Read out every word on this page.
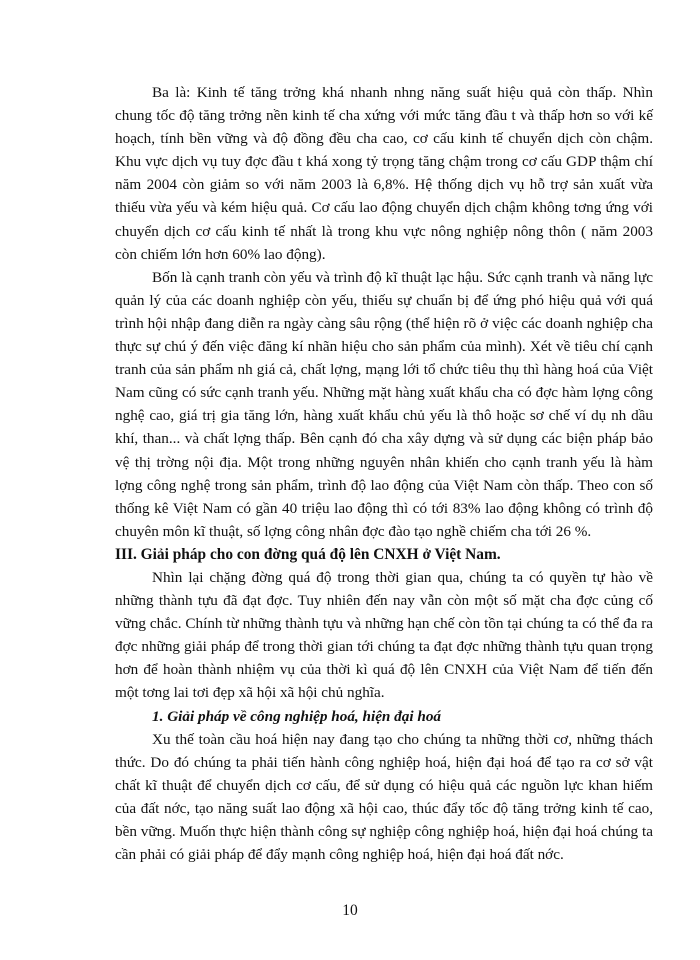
Ba là: Kinh tế tăng trởng khá nhanh nhng năng suất hiệu quả còn thấp. Nhìn chung tốc độ tăng trởng nền kinh tế cha xứng với mức tăng đầu t và thấp hơn so với kế hoạch, tính bền vững và độ đồng đều cha cao, cơ cấu kinh tế chuyển dịch còn chậm. Khu vực dịch vụ tuy đợc đầu t khá xong tỷ trọng tăng chậm trong cơ cấu GDP thậm chí năm 2004 còn giảm so với năm 2003 là 6,8%. Hệ thống dịch vụ hỗ trợ sản xuất vừa thiếu vừa yếu và kém hiệu quả. Cơ cấu lao động chuyển dịch chậm không tơng ứng với chuyển dịch cơ cấu kinh tế nhất là trong khu vực nông nghiệp nông thôn ( năm 2003 còn chiếm lớn hơn 60% lao động).

Bốn là cạnh tranh còn yếu và trình độ kĩ thuật lạc hậu. Sức cạnh tranh và năng lực quản lý của các doanh nghiệp còn yếu, thiếu sự chuẩn bị để ứng phó hiệu quả với quá trình hội nhập đang diễn ra ngày càng sâu rộng (thể hiện rõ ở việc các doanh nghiệp cha thực sự chú ý đến việc đăng kí nhãn hiệu cho sản phẩm của mình). Xét về tiêu chí cạnh tranh của sản phẩm nh giá cả, chất lợng, mạng lới tổ chức tiêu thụ thì hàng hoá của Việt Nam cũng có sức cạnh tranh yếu. Những mặt hàng xuất khẩu cha có đợc hàm lợng công nghệ cao, giá trị gia tăng lớn, hàng xuất khẩu chủ yếu là thô hoặc sơ chế ví dụ nh dầu khí, than... và chất lợng thấp. Bên cạnh đó cha xây dựng và sử dụng các biện pháp bảo vệ thị trờng nội địa. Một trong những nguyên nhân khiến cho cạnh tranh yếu là hàm lợng công nghệ trong sản phẩm, trình độ lao động của Việt Nam còn thấp. Theo con số thống kê Việt Nam có gần 40 triệu lao động thì có tới 83% lao động không có trình độ chuyên môn kĩ thuật, số lợng công nhân đợc đào tạo nghề chiếm cha tới 26 %.

III. Giải pháp cho con đờng quá độ lên CNXH ở Việt Nam.

Nhìn lại chặng đờng quá độ trong thời gian qua, chúng ta có quyền tự hào về những thành tựu đã đạt đợc. Tuy nhiên đến nay vẫn còn một số mặt cha đợc củng cố vững chắc. Chính từ những thành tựu và những hạn chế còn tồn tại chúng ta có thể đa ra đợc những giải pháp để trong thời gian tới chúng ta đạt đợc những thành tựu quan trọng hơn để hoàn thành nhiệm vụ của thời kì quá độ lên CNXH của Việt Nam để tiến đến một tơng lai tơi đẹp xã hội xã hội chủ nghĩa.

1. Giải pháp về công nghiệp hoá, hiện đại hoá

Xu thế toàn cầu hoá hiện nay đang tạo cho chúng ta những thời cơ, những thách thức. Do đó chúng ta phải tiến hành công nghiệp hoá, hiện đại hoá để tạo ra cơ sở vật chất kĩ thuật để chuyển dịch cơ cấu, để sử dụng có hiệu quả các nguồn lực khan hiếm của đất nớc, tạo năng suất lao động xã hội cao, thúc đẩy tốc độ tăng trởng kinh tế cao, bền vững. Muốn thực hiện thành công sự nghiệp công nghiệp hoá, hiện đại hoá chúng ta cần phải có giải pháp để đẩy mạnh công nghiệp hoá, hiện đại hoá đất nớc.

10
